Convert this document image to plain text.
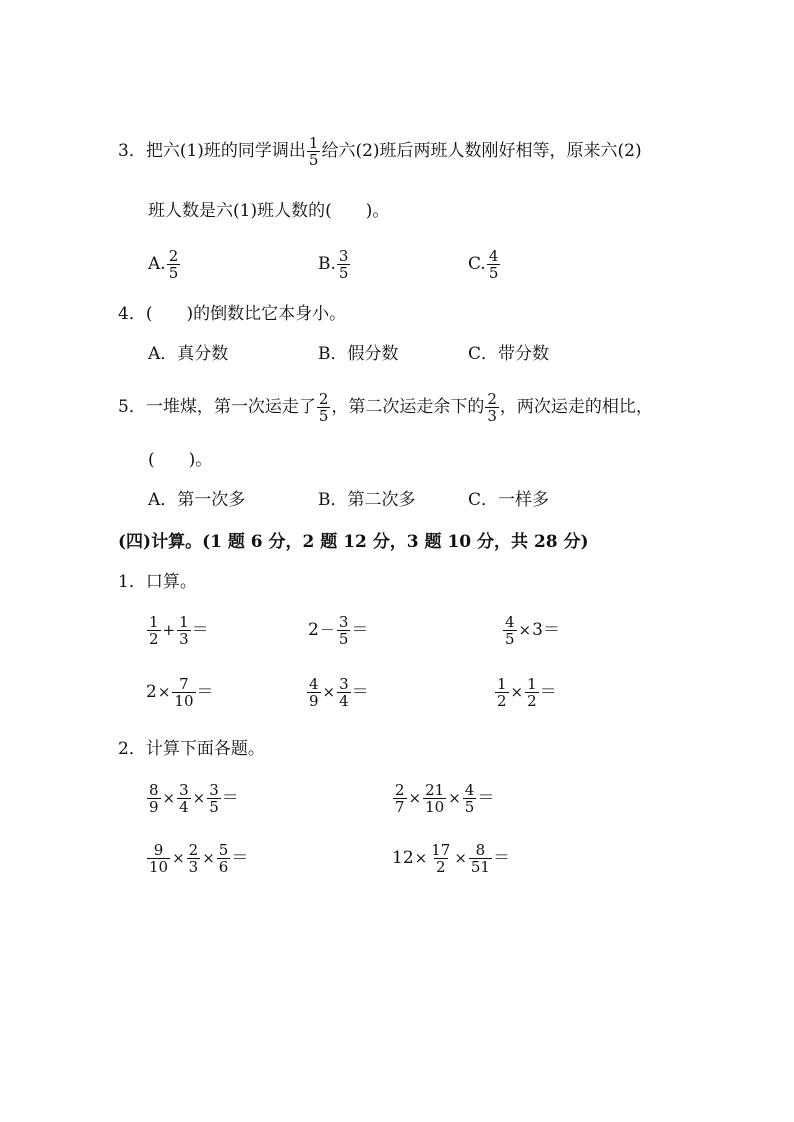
3．把六(1)班的同学调出 $\frac{1}{5}$ 给六(2)班后两班人数刚好相等，原来六(2)
班人数是六(1)班人数的(　　)。
A. $\frac{2}{5}$	B. $\frac{3}{5}$	C. $\frac{4}{5}$
4．(　　)的倒数比它本身小。
A．真分数	B．假分数	C．带分数
5．一堆煤，第一次运走了 $\frac{2}{5}$ ，第二次运走余下的 $\frac{2}{3}$ ，两次运走的相比，
(　　)。
A．第一次多	B．第二次多	C．一样多
(四)计算。(1 题 6 分，2 题 12 分，3 题 10 分，共 28 分)
1．口算。
$\frac{1}{2} + \frac{1}{3}$ ＝	$2- \frac{3}{5}$ ＝	$\frac{4}{5} \times 3=$
$2\times \frac{7}{10}$ ＝	$\frac{4}{9} \times \frac{3}{4}$ ＝	$\frac{1}{2} \times \frac{1}{2}$ ＝
2．计算下面各题。
$\frac{8}{9} \times \frac{3}{4} \times \frac{3}{5}$ ＝	$\frac{2}{7} \times \frac{21}{10} \times \frac{4}{5}$ ＝
$\frac{9}{10} \times \frac{2}{3} \times \frac{5}{6}$ ＝	$12\times \frac{17}{2} \times \frac{8}{51}$ ＝
